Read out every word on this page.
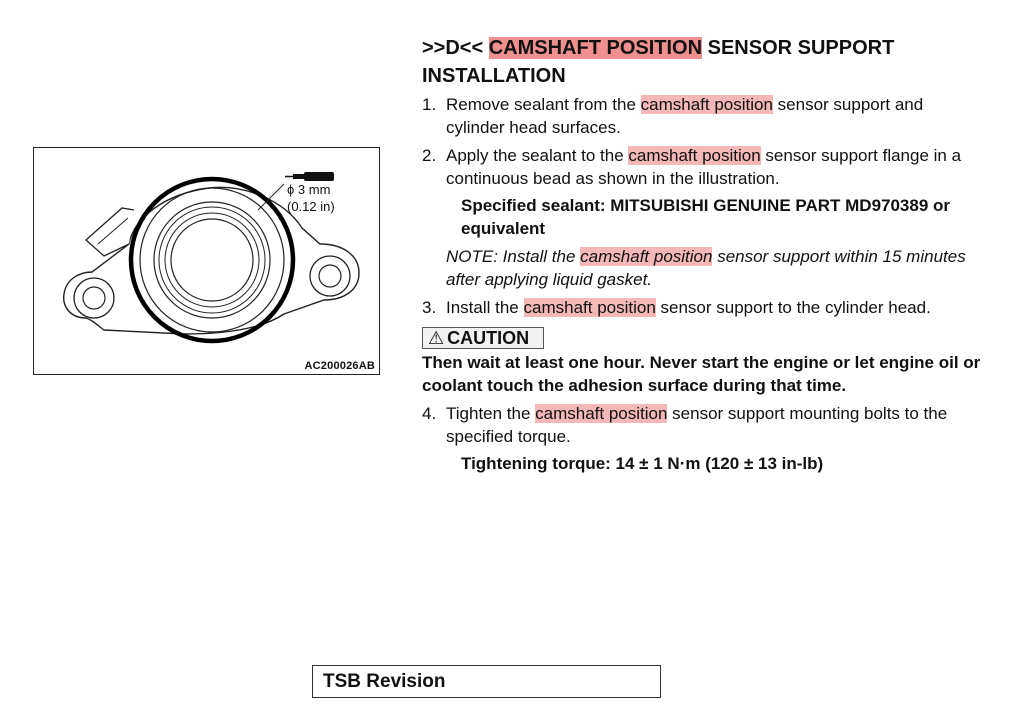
ϕ 3 mm
(0.12 in)
AC200026AB
>>D<< CAMSHAFT POSITION SENSOR SUPPORT INSTALLATION
1. Remove sealant from the camshaft position sensor support and cylinder head surfaces.
2. Apply the sealant to the camshaft position sensor support flange in a continuous bead as shown in the illustration.
Specified sealant: MITSUBISHI GENUINE PART MD970389 or equivalent
NOTE: Install the camshaft position sensor support within 15 minutes after applying liquid gasket.
3. Install the camshaft position sensor support to the cylinder head.
⚠ CAUTION
Then wait at least one hour. Never start the engine or let engine oil or coolant touch the adhesion surface during that time.
4. Tighten the camshaft position sensor support mounting bolts to the specified torque.
Tightening torque: 14 ± 1 N·m (120 ± 13 in-lb)
TSB Revision
